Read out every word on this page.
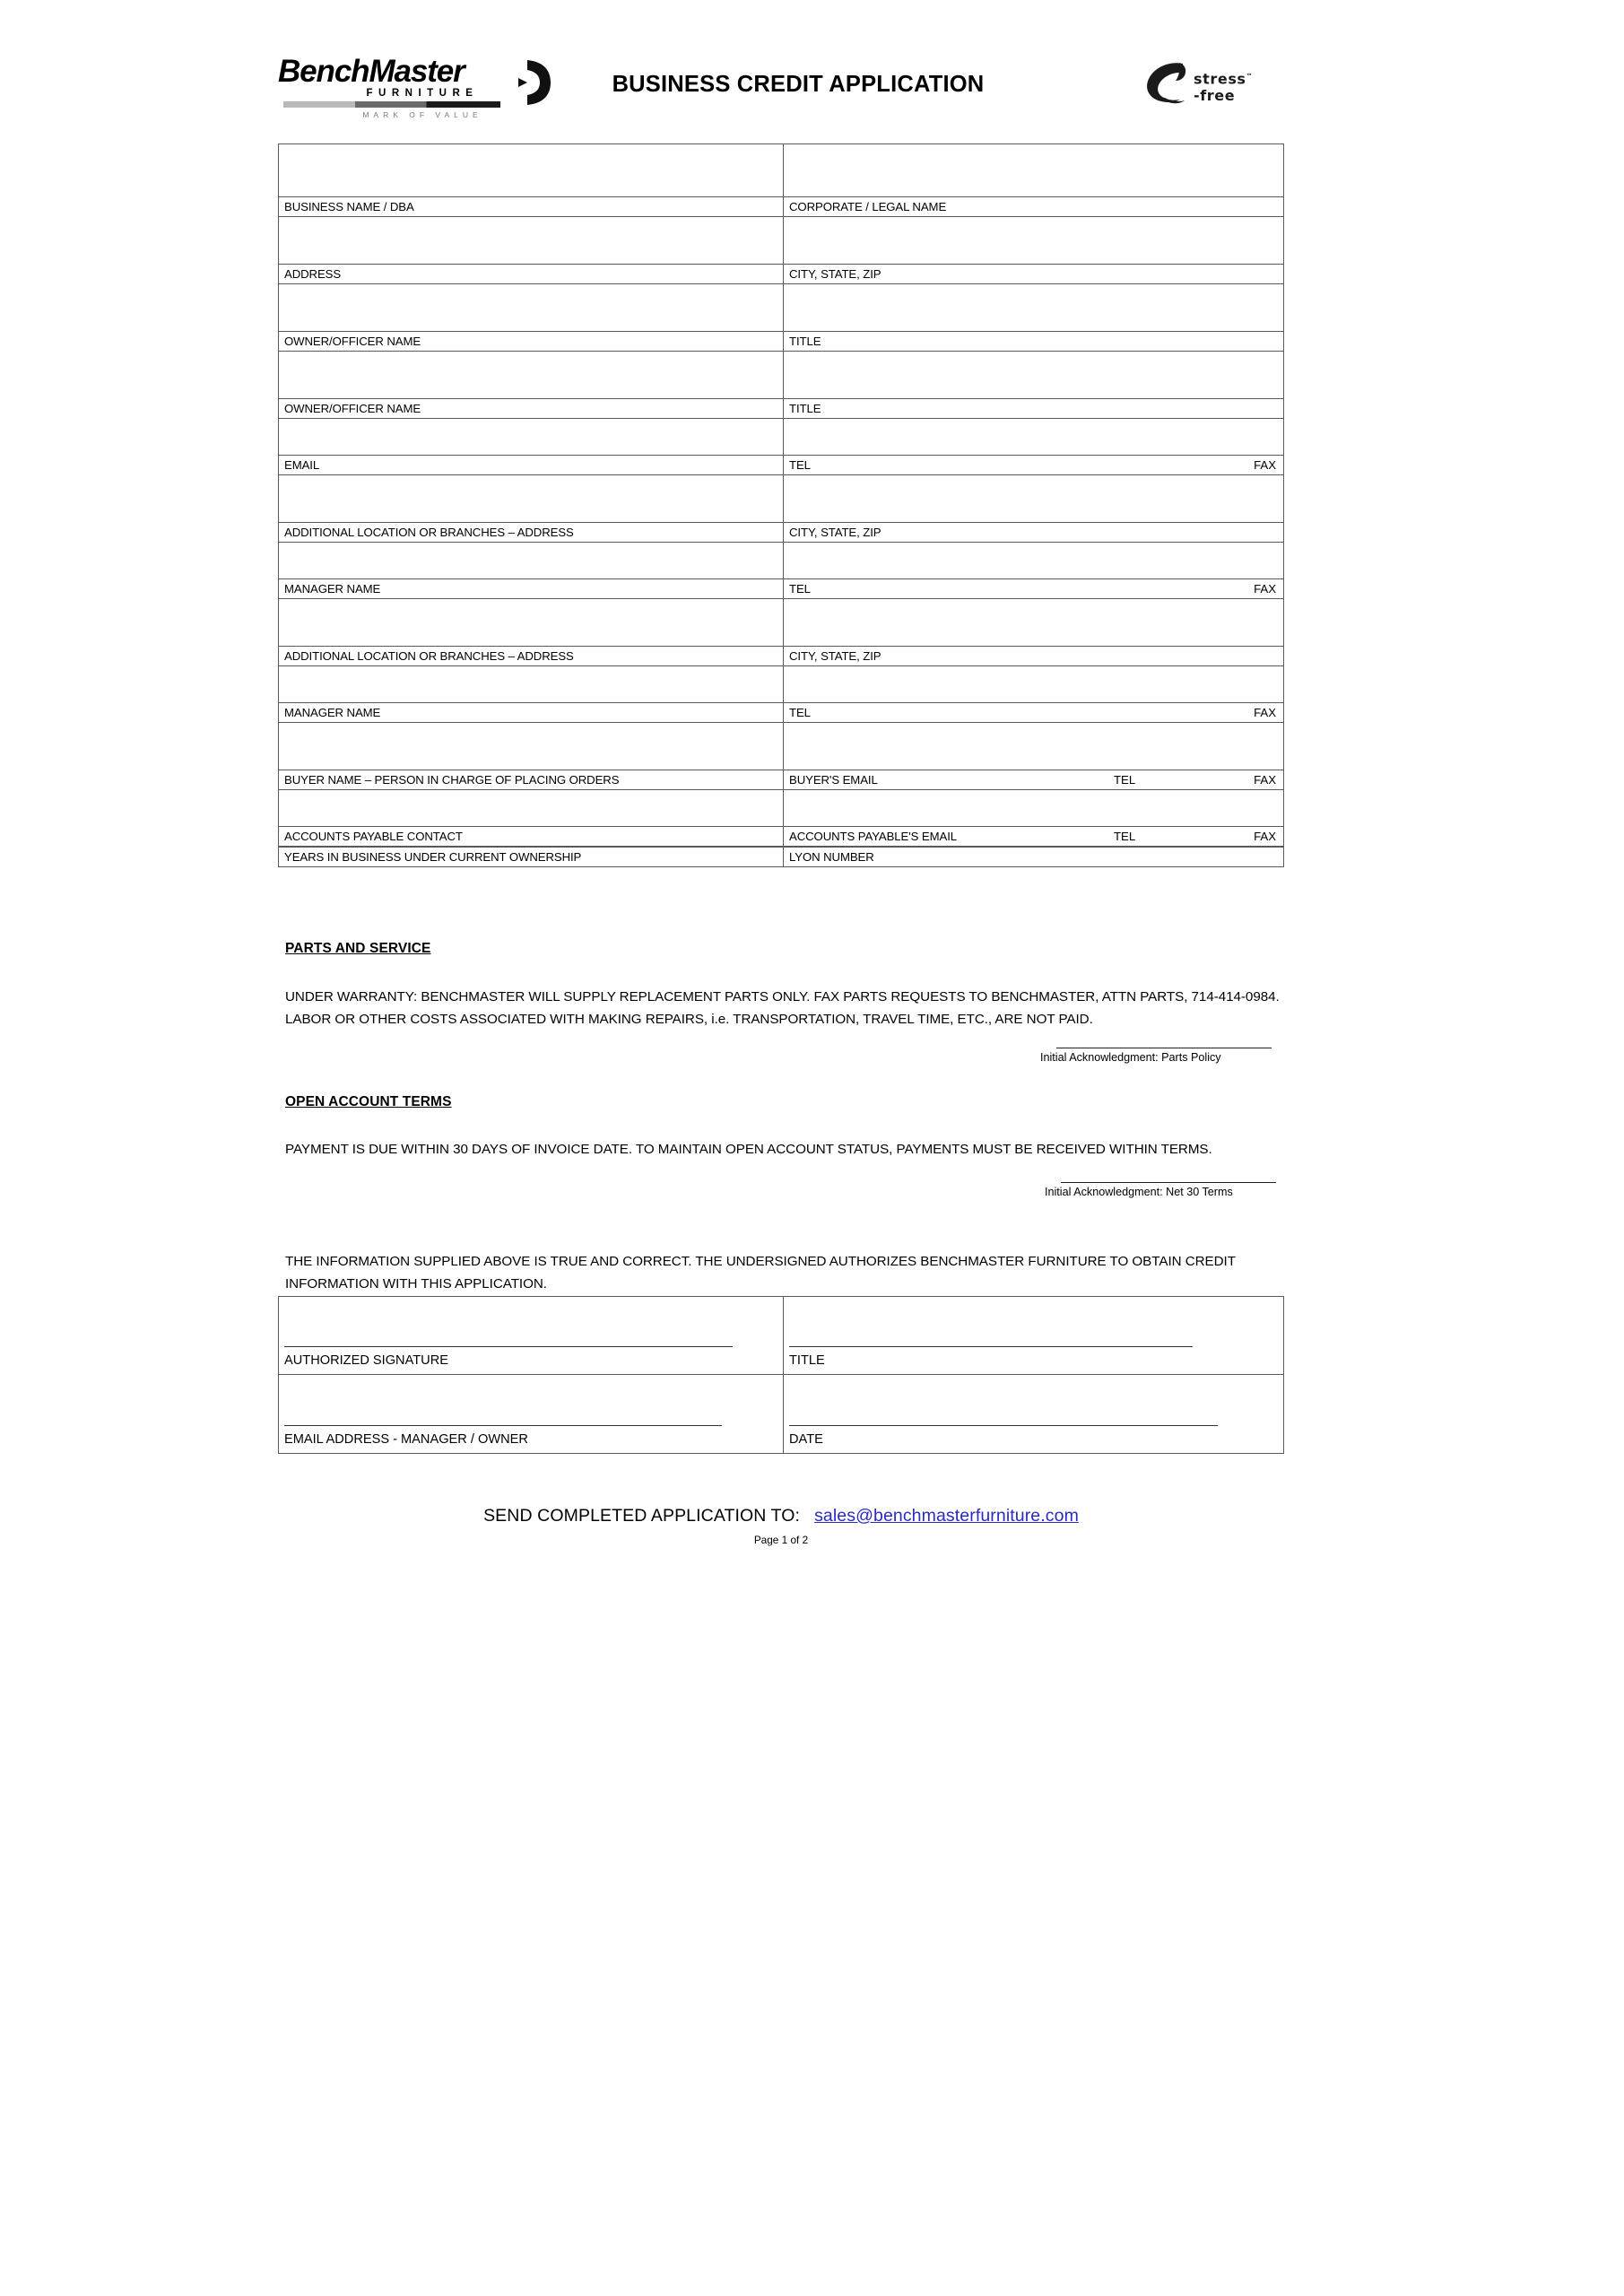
BenchMaster
FURNITURE
MARK OF VALUE
BUSINESS CREDIT APPLICATION	stress™
-free
BUSINESS NAME / DBA	CORPORATE / LEGAL NAME
ADDRESS	CITY, STATE, ZIP
OWNER/OFFICER NAME	TITLE
OWNER/OFFICER NAME	TITLE
EMAIL	TEL	FAX
ADDITIONAL LOCATION OR BRANCHES – ADDRESS	CITY, STATE, ZIP
MANAGER NAME	TEL	FAX
ADDITIONAL LOCATION OR BRANCHES – ADDRESS	CITY, STATE, ZIP
MANAGER NAME	TEL	FAX
BUYER NAME – PERSON IN CHARGE OF PLACING ORDERS	BUYER'S EMAIL	TEL	FAX
ACCOUNTS PAYABLE CONTACT	ACCOUNTS PAYABLE'S EMAIL	TEL	FAX
YEARS IN BUSINESS UNDER CURRENT OWNERSHIP	LYON NUMBER
PARTS AND SERVICE
UNDER WARRANTY: BENCHMASTER WILL SUPPLY REPLACEMENT PARTS ONLY. FAX PARTS REQUESTS TO BENCHMASTER, ATTN PARTS, 714-414-0984. LABOR OR OTHER COSTS ASSOCIATED WITH MAKING REPAIRS, i.e. TRANSPORTATION, TRAVEL TIME, ETC., ARE NOT PAID.
Initial Acknowledgment: Parts Policy
OPEN ACCOUNT TERMS
PAYMENT IS DUE WITHIN 30 DAYS OF INVOICE DATE. TO MAINTAIN OPEN ACCOUNT STATUS, PAYMENTS MUST BE RECEIVED WITHIN TERMS.
Initial Acknowledgment: Net 30 Terms
THE INFORMATION SUPPLIED ABOVE IS TRUE AND CORRECT. THE UNDERSIGNED AUTHORIZES BENCHMASTER FURNITURE TO OBTAIN CREDIT INFORMATION WITH THIS APPLICATION.
AUTHORIZED SIGNATURE	TITLE
EMAIL ADDRESS - MANAGER / OWNER	DATE
SEND COMPLETED APPLICATION TO: sales@benchmasterfurniture.com
Page 1 of 2
